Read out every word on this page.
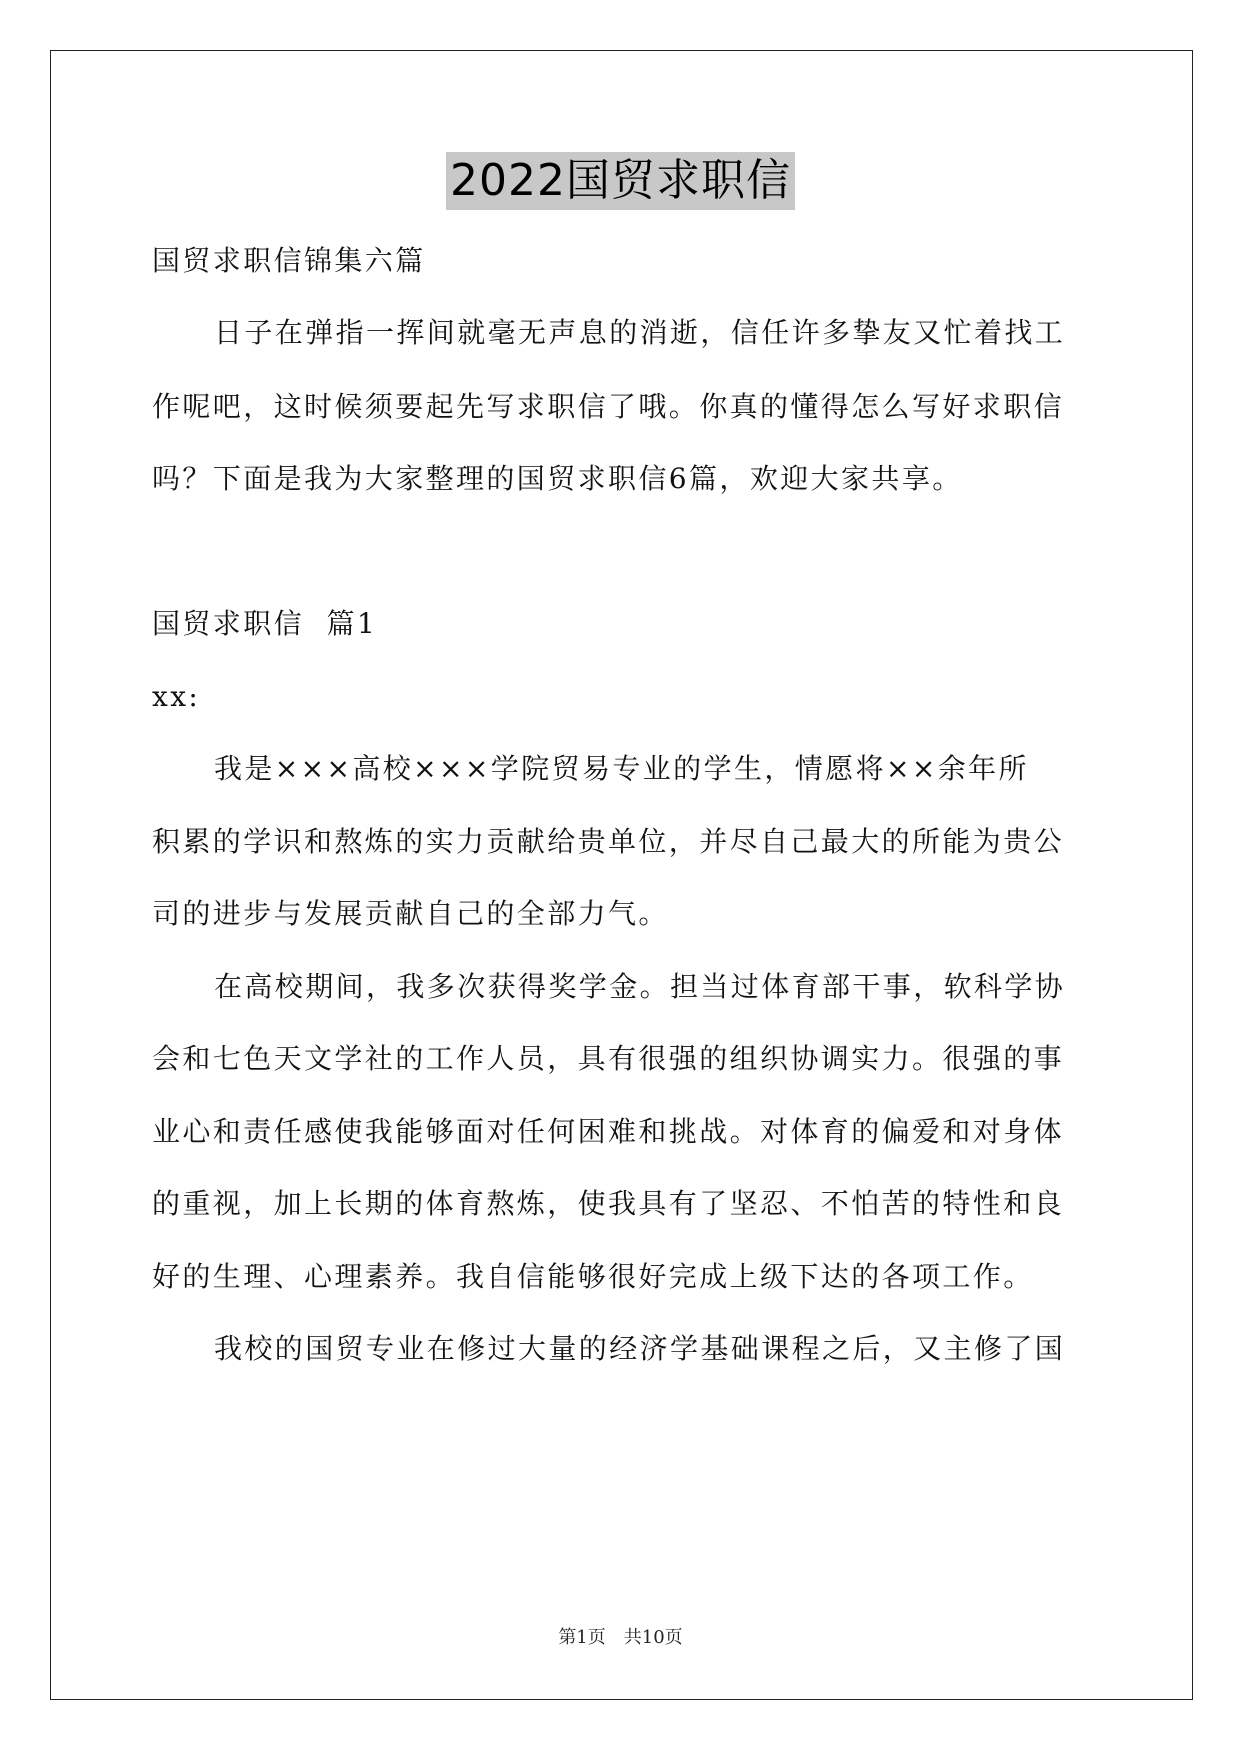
2022国贸求职信
国贸求职信锦集六篇
日子在弹指一挥间就毫无声息的消逝，信任许多挚友又忙着找工
作呢吧，这时候须要起先写求职信了哦。你真的懂得怎么写好求职信
吗？下面是我为大家整理的国贸求职信6篇，欢迎大家共享。
国贸求职信  篇1
xx:
我是×××高校×××学院贸易专业的学生，情愿将××余年所
积累的学识和熬炼的实力贡献给贵单位，并尽自己最大的所能为贵公
司的进步与发展贡献自己的全部力气。
在高校期间，我多次获得奖学金。担当过体育部干事，软科学协
会和七色天文学社的工作人员，具有很强的组织协调实力。很强的事
业心和责任感使我能够面对任何困难和挑战。对体育的偏爱和对身体
的重视，加上长期的体育熬炼，使我具有了坚忍、不怕苦的特性和良
好的生理、心理素养。我自信能够很好完成上级下达的各项工作。
我校的国贸专业在修过大量的经济学基础课程之后，又主修了国
第1页 共10页
